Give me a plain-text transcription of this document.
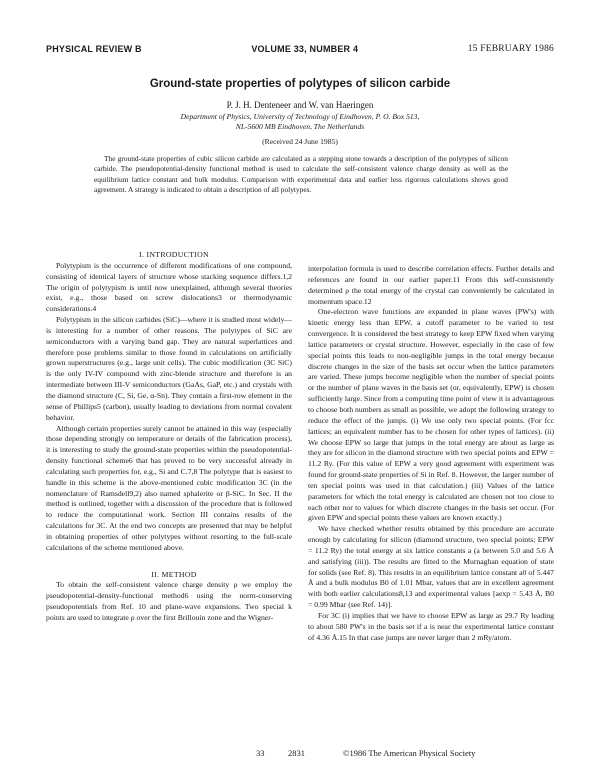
PHYSICAL REVIEW B	VOLUME 33, NUMBER 4	15 FEBRUARY 1986
Ground-state properties of polytypes of silicon carbide
P. J. H. Denteneer and W. van Haeringen
Department of Physics, University of Technology of Eindhoven, P. O. Box 513,
NL-5600 MB Eindhoven, The Netherlands
(Received 24 June 1985)
The ground-state properties of cubic silicon carbide are calculated as a stepping stone towards a description of the polytypes of silicon carbide. The pseudopotential-density functional method is used to calculate the self-consistent valence charge density as well as the equilibrium lattice constant and bulk modulus. Comparison with experimental data and earlier less rigorous calculations shows good agreement. A strategy is indicated to obtain a description of all polytypes.

I. INTRODUCTION

Polytypism is the occurrence of different modifications of one compound, consisting of identical layers of structure whose stacking sequence differs.1,2 The origin of polytypism is until now unexplained, although several theories exist, e.g., those based on screw dislocations3 or thermodynamic considerations.4

Polytypism in the silicon carbides (SiC)—where it is studied most widely—is interesting for a number of other reasons. The polytypes of SiC are semiconductors with a varying band gap. They are natural superlattices and therefore pose problems similar to those found in calculations on artificially grown superstructures (e.g., large unit cells). The cubic modification (3C SiC) is the only IV-IV compound with zinc-blende structure and therefore is an intermediate between III-V semiconductors (GaAs, GaP, etc.) and crystals with the diamond structure (C, Si, Ge, α-Sn). They contain a first-row element in the sense of Phillips5 (carbon), usually leading to deviations from normal covalent behavior.

Although certain properties surely cannot be attained in this way (especially those depending strongly on temperature or details of the fabrication process), it is interesting to study the ground-state properties within the pseudopotential-density functional scheme6 that has proved to be very successful already in calculating such properties for, e.g., Si and C.7,8 The polytype that is easiest to handle in this scheme is the above-mentioned cubic modification 3C (in the nomenclature of Ramsdell9,2) also named sphalerite or β-SiC. In Sec. II the method is outlined, together with a discussion of the procedure that is followed to reduce the computational work. Section III contains results of the calculations for 3C. At the end two concepts are presented that may be helpful in obtaining properties of other polytypes without resorting to the full-scale calculations of the scheme mentioned above.

II. METHOD

To obtain the self-consistent valence charge density ρ we employ the pseudopotential-density-functional method6 using the norm-conserving pseudopotentials from Ref. 10 and plane-wave expansions. Two special k points are used to integrate ρ over the first Brillouin zone and the Wigner-

interpolation formula is used to describe correlation effects. Further details and references are found in our earlier paper.11 From this self-consistently determined ρ the total energy of the crystal can conveniently be calculated in momentum space.12

One-electron wave functions are expanded in plane waves (PW's) with kinetic energy less than EPW, a cutoff parameter to be varied to test convergence. It is considered the best strategy to keep EPW fixed when varying lattice parameters or crystal structure. However, especially in the case of few special points this leads to non-negligible jumps in the total energy because discrete changes in the size of the basis set occur when the lattice parameters are varied. These jumps become negligible when the number of special points or the number of plane waves in the basis set (or, equivalently, EPW) is chosen sufficiently large. Since from a computing time point of view it is advantageous to choose both numbers as small as possible, we adopt the following strategy to reduce the effect of the jumps. (i) We use only two special points. (For fcc lattices; an equivalent number has to be chosen for other types of lattices). (ii) We choose EPW so large that jumps in the total energy are about as large as they are for silicon in the diamond structure with two special points and EPW = 11.2 Ry. (For this value of EPW a very good agreement with experiment was found for ground-state properties of Si in Ref. 8. However, the larger number of ten special points was used in that calculation.) (iii) Values of the lattice parameters for which the total energy is calculated are chosen not too close to each other nor to values for which discrete changes in the basis set occur. (For given EPW and special points these values are known exactly.)

We have checked whether results obtained by this procedure are accurate enough by calculating for silicon (diamond structure, two special points; EPW = 11.2 Ry) the total energy at six lattice constants a (a between 5.0 and 5.6 Å and satisfying (iii)). The results are fitted to the Murnaghan equation of state for solids (see Ref. 8). This results in an equilibrium lattice constant a0 of 5.447 Å and a bulk modulus B0 of 1.01 Mbar, values that are in excellent agreement with both earlier calculations8,13 and experimental values [aexp = 5.43 Å, B0 = 0.99 Mbar (see Ref. 14)].

For 3C (i) implies that we have to choose EPW as large as 29.7 Ry leading to about 580 PW's in the basis set if a is near the experimental lattice constant of 4.36 Å.15 In that case jumps are never larger than 2 mRy/atom.

33	2831	©1986 The American Physical Society
